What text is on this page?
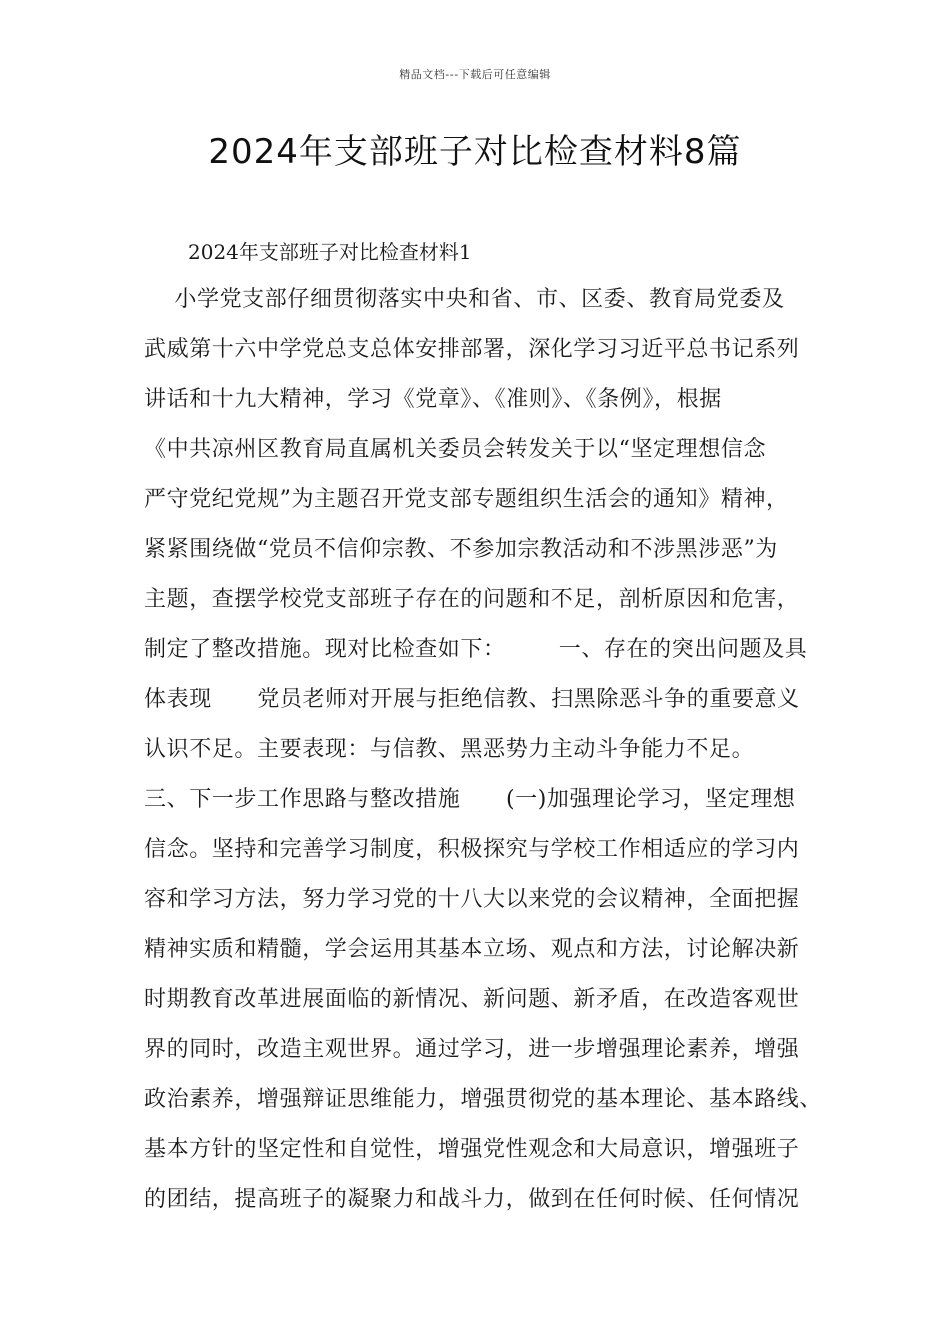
精品文档---下载后可任意编辑
2024年支部班子对比检查材料8篇
2024年支部班子对比检查材料1
小学党支部仔细贯彻落实中央和省、市、区委、教育局党委及
武威第十六中学党总支总体安排部署，深化学习习近平总书记系列
讲话和十九大精神，学习《党章》、《准则》、《条例》，根据
《中共凉州区教育局直属机关委员会转发关于以“坚定理想信念
严守党纪党规”为主题召开党支部专题组织生活会的通知》精神，
紧紧围绕做“党员不信仰宗教、不参加宗教活动和不涉黑涉恶”为
主题，查摆学校党支部班子存在的问题和不足，剖析原因和危害，
制定了整改措施。现对比检查如下：       一、存在的突出问题及具
体表现      党员老师对开展与拒绝信教、扫黑除恶斗争的重要意义
认识不足。主要表现：与信教、黑恶势力主动斗争能力不足。
三、下一步工作思路与整改措施      (一)加强理论学习，坚定理想
信念。坚持和完善学习制度，积极探究与学校工作相适应的学习内
容和学习方法，努力学习党的十八大以来党的会议精神，全面把握
精神实质和精髓，学会运用其基本立场、观点和方法，讨论解决新
时期教育改革进展面临的新情况、新问题、新矛盾，在改造客观世
界的同时，改造主观世界。通过学习，进一步增强理论素养，增强
政治素养，增强辩证思维能力，增强贯彻党的基本理论、基本路线、
基本方针的坚定性和自觉性，增强党性观念和大局意识，增强班子
的团结，提高班子的凝聚力和战斗力，做到在任何时候、任何情况
